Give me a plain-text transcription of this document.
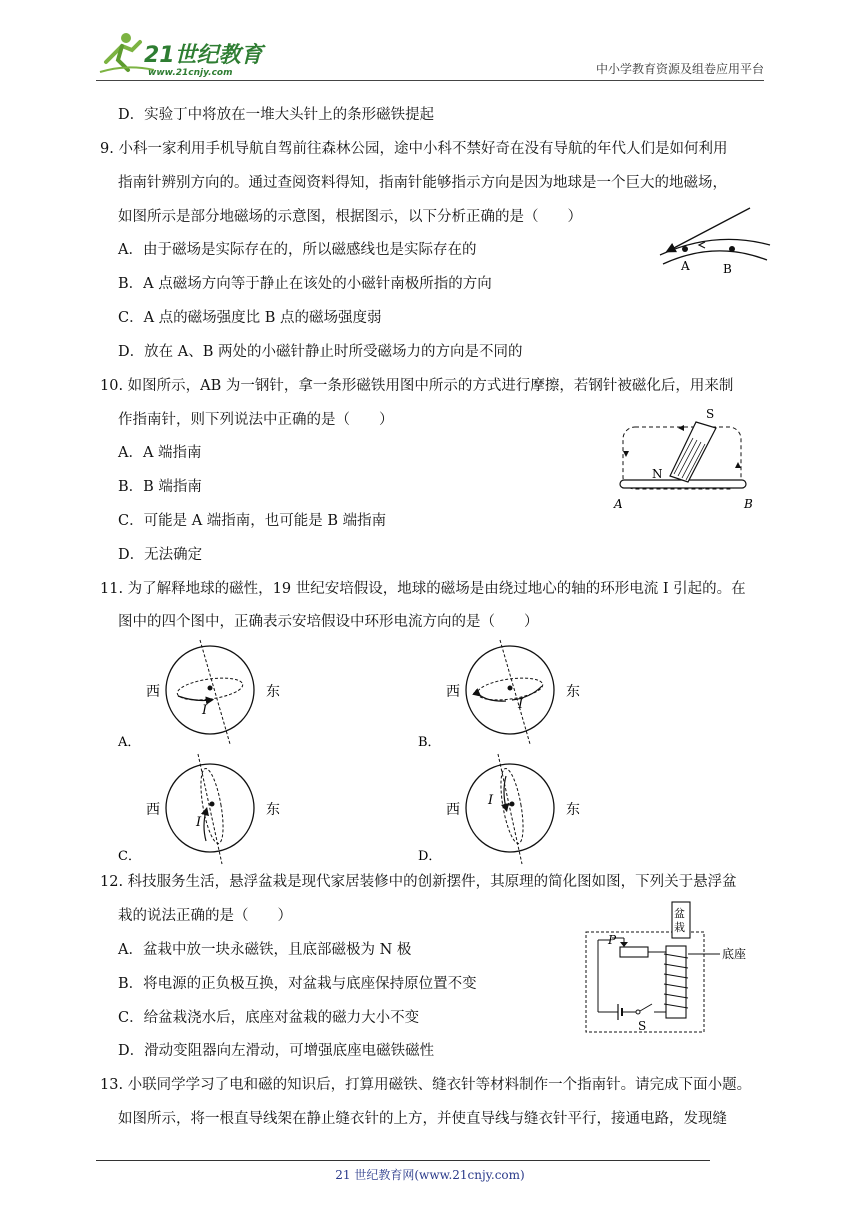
21世纪教育
www.21cnjy.com	中小学教育资源及组卷应用平台
D．实验丁中将放在一堆大头针上的条形磁铁提起
9. 小科一家利用手机导航自驾前往森林公园，途中小科不禁好奇在没有导航的年代人们是如何利用
指南针辨别方向的。通过查阅资料得知，指南针能够指示方向是因为地球是一个巨大的地磁场，
如图所示是部分地磁场的示意图，根据图示，以下分析正确的是（　　）
A．由于磁场是实际存在的，所以磁感线也是实际存在的
B．A 点磁场方向等于静止在该处的小磁针南极所指的方向
C．A 点的磁场强度比 B 点的磁场强度弱
D．放在 A、B 两处的小磁针静止时所受磁场力的方向是不同的
10. 如图所示，AB 为一钢针，拿一条形磁铁用图中所示的方式进行摩擦，若钢针被磁化后，用来制
作指南针，则下列说法中正确的是（　　）
A．A 端指南
B．B 端指南
C．可能是 A 端指南，也可能是 B 端指南
D．无法确定
11. 为了解释地球的磁性，19 世纪安培假设，地球的磁场是由绕过地心的轴的环形电流 I 引起的。在
图中的四个图中，正确表示安培假设中环形电流方向的是（　　）
12. 科技服务生活，悬浮盆栽是现代家居装修中的创新摆件，其原理的简化图如图，下列关于悬浮盆
栽的说法正确的是（　　）
A．盆栽中放一块永磁铁，且底部磁极为 N 极
B．将电源的正负极互换，对盆栽与底座保持原位置不变
C．给盆栽浇水后，底座对盆栽的磁力大小不变
D．滑动变阻器向左滑动，可增强底座电磁铁磁性
13. 小联同学学习了电和磁的知识后，打算用磁铁、缝衣针等材料制作一个指南针。请完成下面小题。
如图所示，将一根直导线架在静止缝衣针的上方，并使直导线与缝衣针平行，接通电路，发现缝
A	B
S
N
A	B
西	东
I
A．
西	东
I
B．
西	东
I
C．
西	东
I
D．
盆
栽
底座
P
S
21 世纪教育网(www.21cnjy.com)
